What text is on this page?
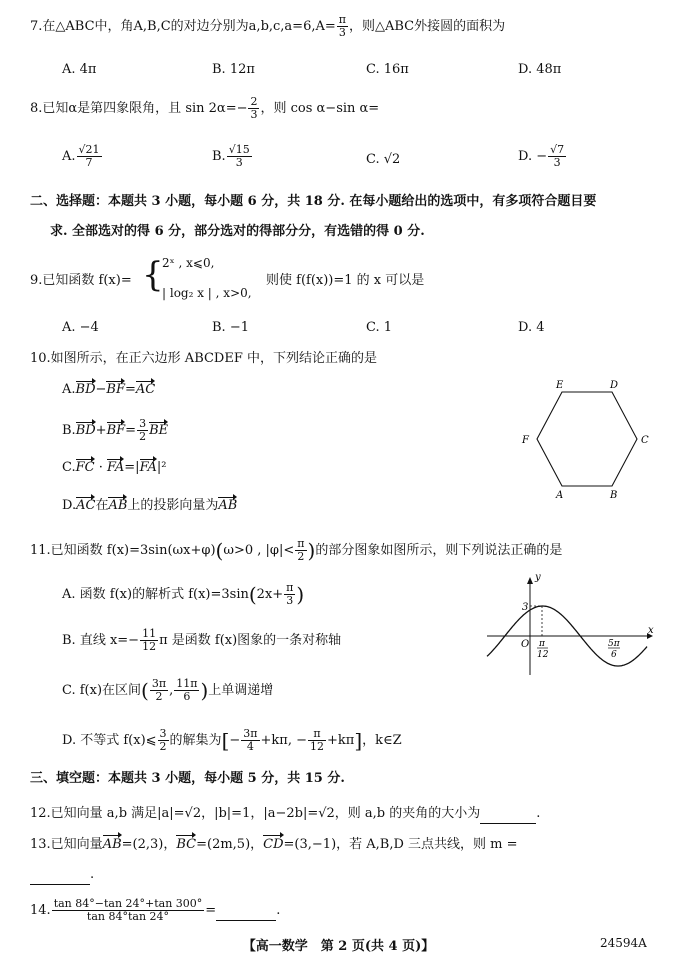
7.在△ABC中，角A,B,C的对边分别为$a,b,c,a=6,A= \frac{\pi}{3}$ ，则△ABC外接圆的面积为
A. 4π	B. 12π	C. 16π	D. 48π
8.已知α是第四象限角，且 $\sin 2\alpha=- \frac{2}{3}$ ，则 cos α−sin α=
A. $\frac{√21}{7}$	B. $\frac{√15}{3}$	C. √2	D. − $\frac{√7}{3}$
二、选择题：本题共 3 小题，每小题 6 分，共 18 分. 在每小题给出的选项中，有多项符合题目要
求. 全部选对的得 6 分，部分选对的得部分分，有选错的得 0 分.
9.已知函数 f(x)= {
2ˣ , x⩽0,
| log₂ x | , x>0,
则使 f(f(x))=1 的 x 可以是
A. −4	B. −1	C. 1	D. 4
10.如图所示，在正六边形 ABCDEF 中，下列结论正确的是
A.BD−BF=AC
$B.BD+BF= \frac{3}{2}$ BE
C.FC · FA=|FA|²
D.AC在AB上的投影向量为AB
E	D
F	C
A	B
11.已知函数 f(x)=3sin(ωx+φ)(ω>0 , $|\varphi|< \frac{\pi}{2}$ )的部分图象如图所示，则下列说法正确的是
A. 函数 f(x)的解析式 $f(x)=3\sin(2x+ \frac{\pi}{3}$ )
B. 直线 $x=- \frac{11}{12}$ π 是函数 f(x)图象的一条对称轴
C. f(x)在区间( $\frac{3\pi}{2}$ , $\frac{11\pi}{6}$ )上单调递增
D. 不等式 f(x)⩽ $\frac{3}{2}$ 的解集为[− $\frac{3\pi}{4} +k\pi$, − $\frac{\pi}{12} +k\pi$]，k∈Z
y
x
O
3
π
12
5π
6
三、填空题：本题共 3 小题，每小题 5 分，共 15 分.
12.已知向量 a,b 满足|a|=√2，|b|=1，|a−2b|=√2，则 a,b 的夹角的大小为	.
13.已知向量AB=(2,3)，BC=(2m,5)，CD=(3,−1)，若 A,B,D 三点共线，则 m =
.
14. $\frac{\tan 84^\circ-\tan 24^\circ+\tan 300^\circ}{\tan 84^\circ\tan 24^\circ}$ =	.
【高一数学　第 2 页(共 4 页)】	24594A
